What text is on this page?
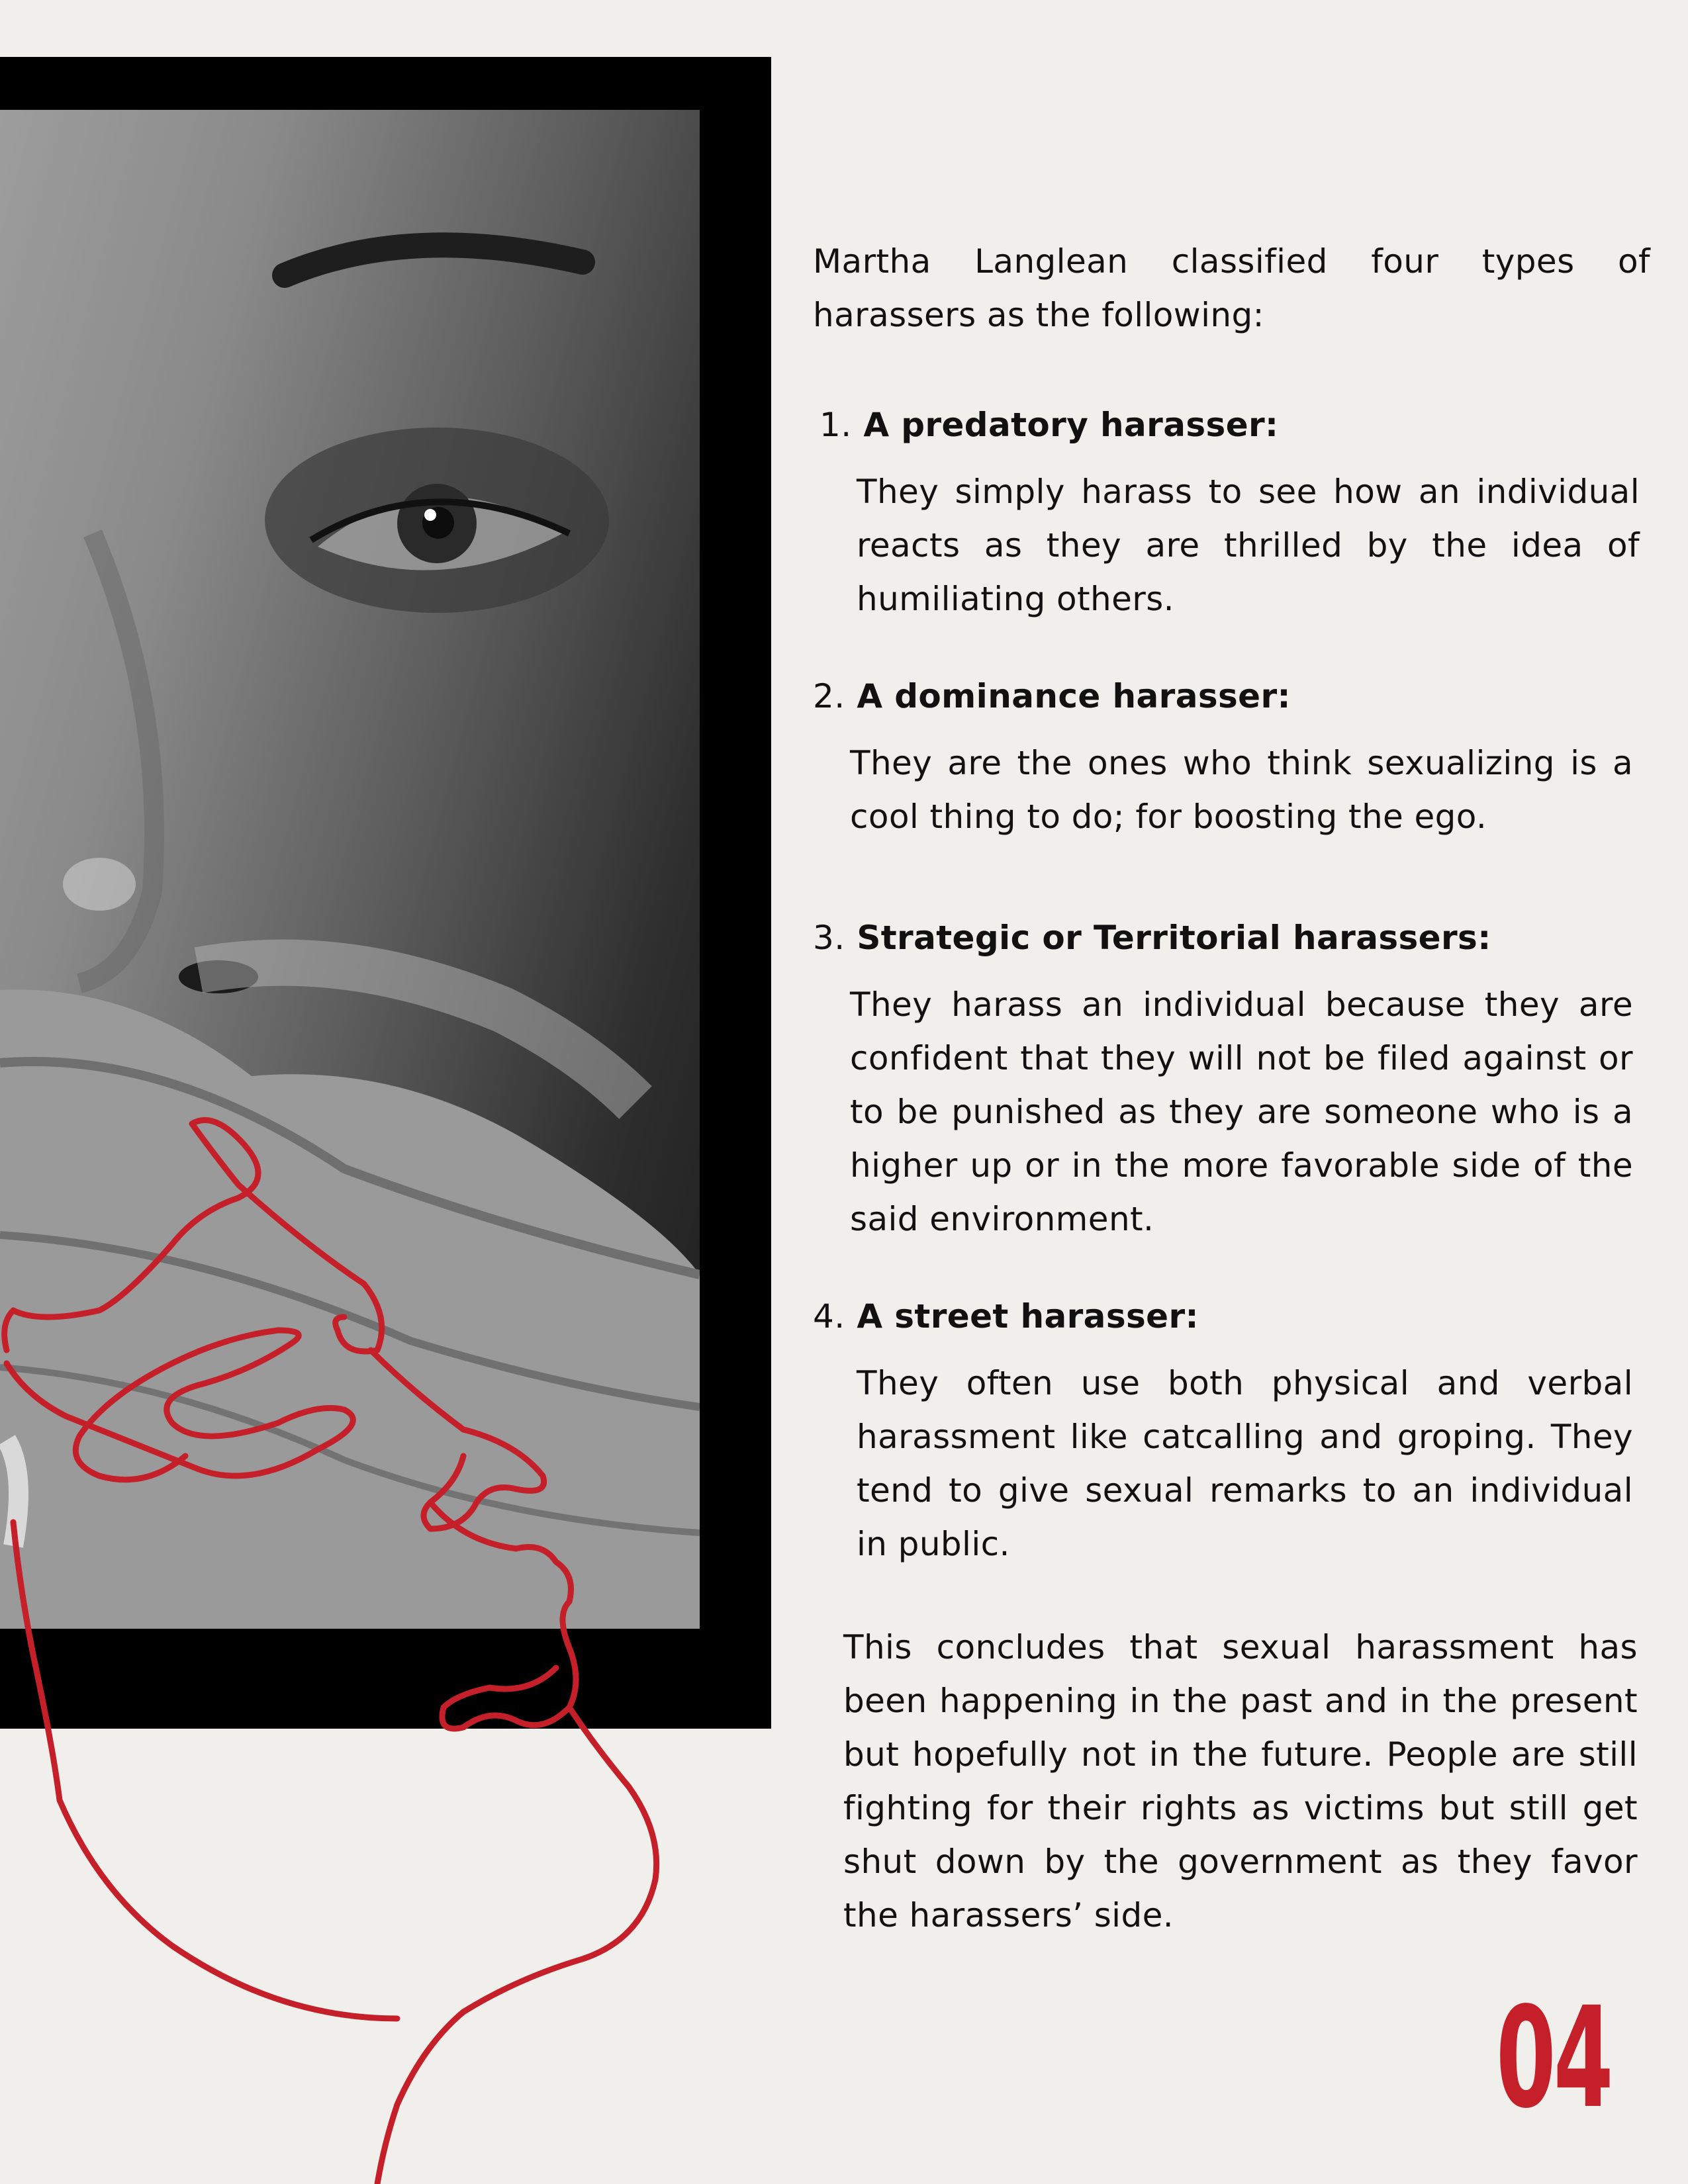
Martha Langlean classified four types of harassers as the following:

1. A predatory harasser:

They simply harass to see how an individual reacts as they are thrilled by the idea of humiliating others.

2. A dominance harasser:

They are the ones who think sexualizing is a cool thing to do; for boosting the ego.

3. Strategic or Territorial harassers:

They harass an individual because they are confident that they will not be filed against or to be punished as they are someone who is a higher up or in the more favorable side of the said environment.

4. A street harasser:

They often use both physical and verbal harassment like catcalling and groping. They tend to give sexual remarks to an individual in public.

This concludes that sexual harassment has been happening in the past and in the present but hopefully not in the future. People are still fighting for their rights as victims but still get shut down by the government as they favor the harassers’ side.

04
